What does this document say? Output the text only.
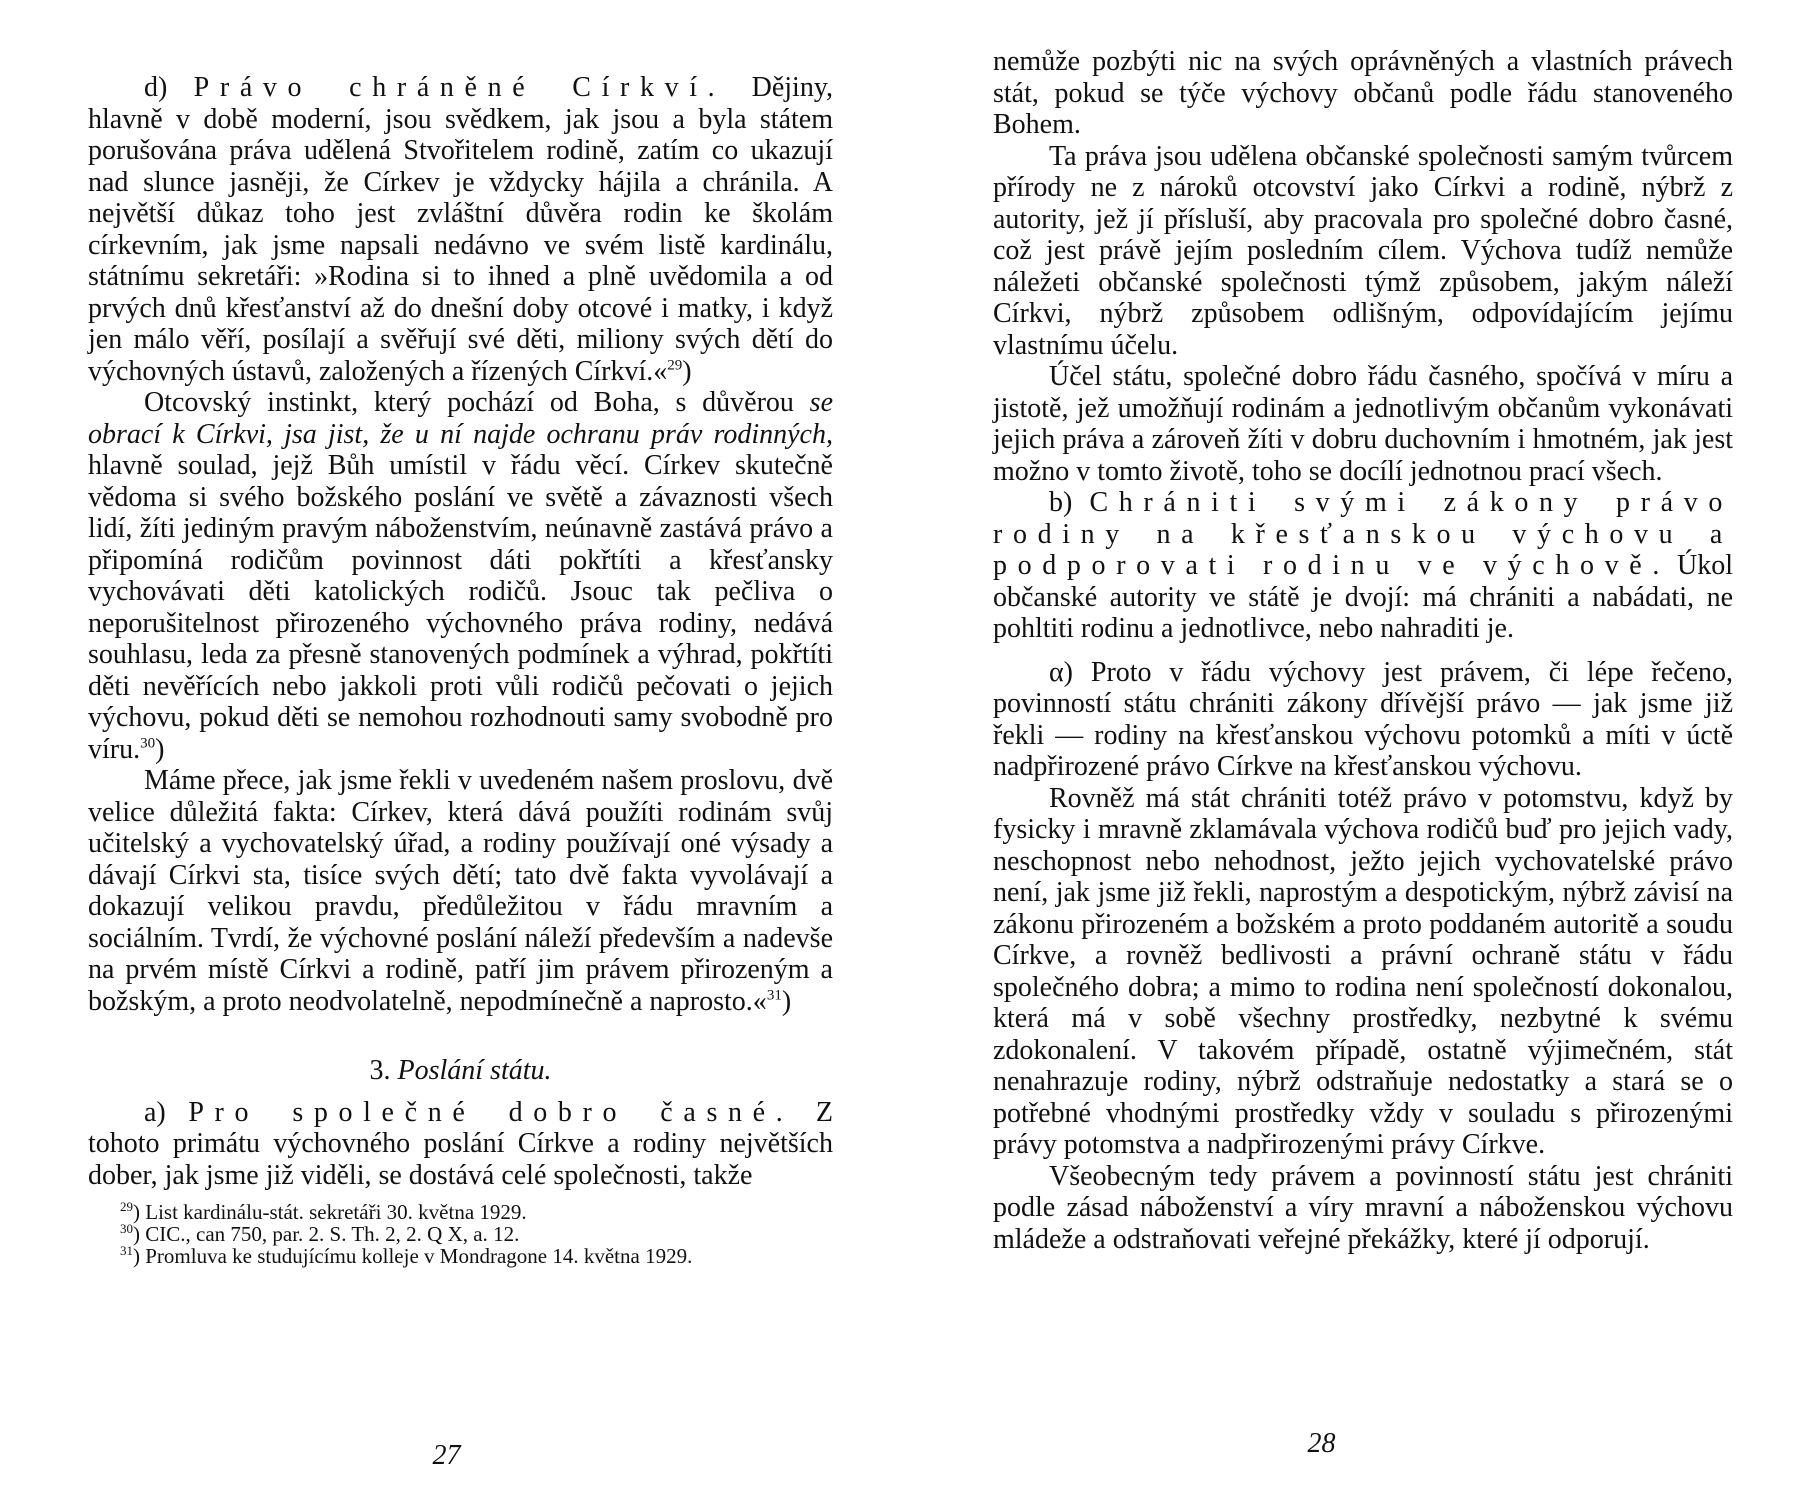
d) Právo chráněné Církví. Dějiny, hlavně v době moderní, jsou svědkem, jak jsou a byla státem porušována práva udělená Stvořitelem rodině, zatím co ukazují nad slunce jasněji, že Církev je vždycky hájila a chránila. A největší důkaz toho jest zvláštní důvěra rodin ke školám církevním, jak jsme napsali nedávno ve svém listě kardinálu, státnímu sekretáři: »Rodina si to ihned a plně uvědomila a od prvých dnů křesťanství až do dnešní doby otcové i matky, i když jen málo věří, posílají a svěřují své děti, miliony svých dětí do výchovných ústavů, založených a řízených Církví.«$^{29}$)

Otcovský instinkt, který pochází od Boha, s důvěrou se obrací k Církvi, jsa jist, že u ní najde ochranu práv rodinných, hlavně soulad, jejž Bůh umístil v řádu věcí. Církev skutečně vědoma si svého božského poslání ve světě a závaznosti všech lidí, žíti jediným pravým náboženstvím, neúnavně zastává právo a připomíná rodičům povinnost dáti pokřtíti a křesťansky vychovávati děti katolických rodičů. Jsouc tak pečliva o neporušitelnost přirozeného výchovného práva rodiny, nedává souhlasu, leda za přesně stanovených podmínek a výhrad, pokřtíti děti nevěřících nebo jakkoli proti vůli rodičů pečovati o jejich výchovu, pokud děti se nemohou rozhodnouti samy svobodně pro víru.$^{30}$)

Máme přece, jak jsme řekli v uvedeném našem proslovu, dvě velice důležitá fakta: Církev, která dává použíti rodinám svůj učitelský a vychovatelský úřad, a rodiny používají oné výsady a dávají Církvi sta, tisíce svých dětí; tato dvě fakta vyvolávají a dokazují velikou pravdu, předůležitou v řádu mravním a sociálním. Tvrdí, že výchovné poslání náleží především a nadevše na prvém místě Církvi a rodině, patří jim právem přirozeným a božským, a proto neodvolatelně, nepodmínečně a naprosto.«$^{31}$)

3. Poslání státu.

a) Pro společné dobro časné. Z tohoto primátu výchovného poslání Církve a rodiny největších dober, jak jsme již viděli, se dostává celé společnosti, takže

$^{29}$) List kardinálu-stát. sekretáři 30. května 1929.

$^{30}$) CIC., can 750, par. 2. S. Th. 2, 2. Q X, a. 12.

$^{31}$) Promluva ke studujícímu kolleje v Mondragone 14. května 1929.

27

nemůže pozbýti nic na svých oprávněných a vlastních právech stát, pokud se týče výchovy občanů podle řádu stanoveného Bohem.

Ta práva jsou udělena občanské společnosti samým tvůrcem přírody ne z nároků otcovství jako Církvi a rodině, nýbrž z autority, jež jí přísluší, aby pracovala pro společné dobro časné, což jest právě jejím posledním cílem. Výchova tudíž nemůže náležeti občanské společnosti týmž způsobem, jakým náleží Církvi, nýbrž způsobem odlišným, odpovídajícím jejímu vlastnímu účelu.

Účel státu, společné dobro řádu časného, spočívá v míru a jistotě, jež umožňují rodinám a jednotlivým občanům vykonávati jejich práva a zároveň žíti v dobru duchovním i hmotném, jak jest možno v tomto životě, toho se docílí jednotnou prací všech.

b) Chrániti svými zákony právo rodiny na křesťanskou výchovu a podporovati rodinu ve výchově. Úkol občanské autority ve státě je dvojí: má chrániti a nabádati, ne pohltiti rodinu a jednotlivce, nebo nahraditi je.

α) Proto v řádu výchovy jest právem, či lépe řečeno, povinností státu chrániti zákony dřívější právo — jak jsme již řekli — rodiny na křesťanskou výchovu potomků a míti v úctě nadpřirozené právo Církve na křesťanskou výchovu.

Rovněž má stát chrániti totéž právo v potomstvu, když by fysicky i mravně zklamávala výchova rodičů buď pro jejich vady, neschopnost nebo nehodnost, ježto jejich vychovatelské právo není, jak jsme již řekli, naprostým a despotickým, nýbrž závisí na zákonu přirozeném a božském a proto poddaném autoritě a soudu Církve, a rovněž bedlivosti a právní ochraně státu v řádu společného dobra; a mimo to rodina není společností dokonalou, která má v sobě všechny prostředky, nezbytné k svému zdokonalení. V takovém případě, ostatně výjimečném, stát nenahrazuje rodiny, nýbrž odstraňuje nedostatky a stará se o potřebné vhodnými prostředky vždy v souladu s přirozenými právy potomstva a nadpřirozenými právy Církve.

Všeobecným tedy právem a povinností státu jest chrániti podle zásad náboženství a víry mravní a náboženskou výchovu mládeže a odstraňovati veřejné překážky, které jí odporují.

28
